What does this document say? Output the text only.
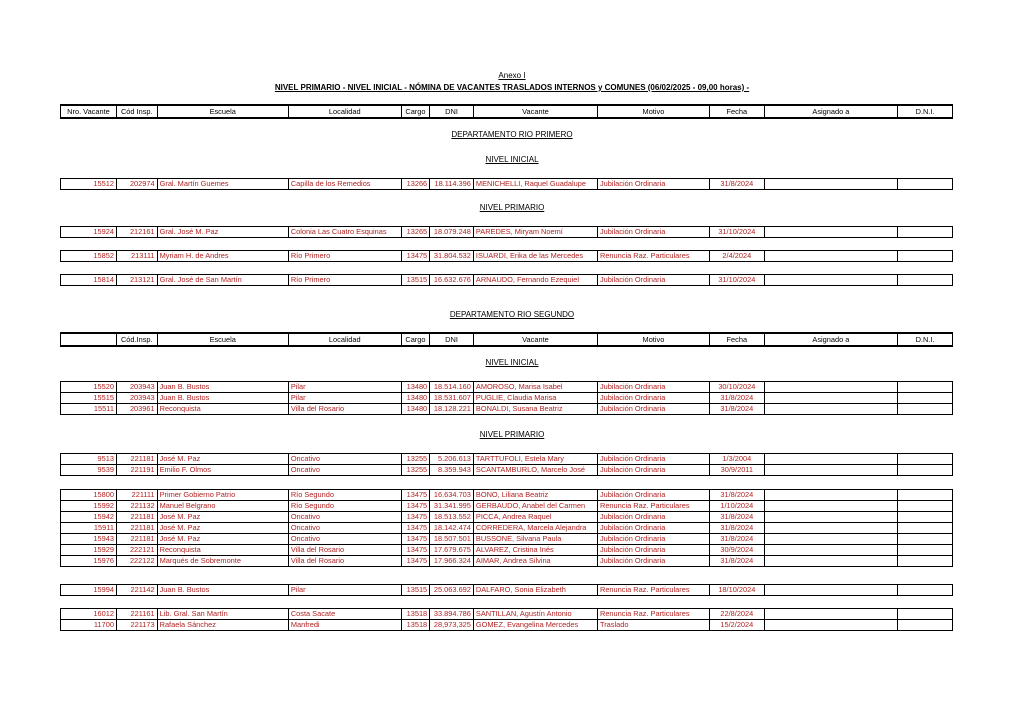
Anexo I
NIVEL PRIMARIO - NIVEL INICIAL - NÓMINA DE VACANTES TRASLADOS INTERNOS y COMUNES (06/02/2025 - 09,00 horas) -
Nro. Vacante	Cód Insp.	Escuela	Localidad	Cargo	DNI	Vacante	Motivo	Fecha	Asignado a	D.N.I.
DEPARTAMENTO RIO PRIMERO
NIVEL INICIAL
15512	202974	Gral. Martín Guemes	Capilla de los Remedios	13266	18.114.396	MENICHELLI, Raquel Guadalupe	Jubilación Ordinaria	31/8/2024		
NIVEL PRIMARIO
15924	212161	Gral. José M. Paz	Colonia Las Cuatro Esquinas	13265	18.079.248	PAREDES, Miryam Noemí	Jubilación Ordinaria	31/10/2024		
15852	213111	Myriam H. de Andres	Río Primero	13475	31.804.532	ISUARDI, Erika de las Mercedes	Renuncia Raz. Particulares	2/4/2024		
15814	213121	Gral. José de San Martín	Río Primero	13515	16.632.676	ARNAUDO, Fernando Ezequiel	Jubilación Ordinaria	31/10/2024		
DEPARTAMENTO RIO SEGUNDO
	Cód.Insp.	Escuela	Localidad	Cargo	DNI	Vacante	Motivo	Fecha	Asignado a	D.N.I.
NIVEL INICIAL
15520	203943	Juan B. Bustos	Pilar	13480	18.514.160	AMOROSO, Marisa Isabel	Jubilación Ordinaria	30/10/2024		
15515	203943	Juan B. Bustos	Pilar	13480	18.531.607	PUGLIE, Claudia Marisa	Jubilación Ordinaria	31/8/2024		
15511	203961	Reconquista	Villa del Rosario	13480	18.128.221	BONALDI, Susana Beatriz	Jubilación Ordinaria	31/8/2024		
NIVEL PRIMARIO
9513	221181	José M. Paz	Oncativo	13255	5.206.613	TARTTUFOLI, Estela Mary	Jubilación Ordinaria	1/3/2004		
9539	221191	Emilio F. Olmos	Oncativo	13255	8.359.943	SCANTAMBURLO, Marcelo José	Jubilación Ordinaria	30/9/2011		
15800	221111	Primer Gobierno Patrio	Río Segundo	13475	16.634.703	BONO, Liliana Beatriz	Jubilación Ordinaria	31/8/2024		
15992	221132	Manuel Belgrano	Río Segundo	13475	31.341.995	GERBAUDO, Anabel del Carmen	Renuncia Raz. Particulares	1/10/2024		
15942	221181	José M. Paz	Oncativo	13475	18.513.552	PICCA, Andrea Raquel	Jubilación Ordinaria	31/8/2024		
15911	221181	José M. Paz	Oncativo	13475	18.142.474	CORREDERA, Marcela Alejandra	Jubilación Ordinaria	31/8/2024		
15943	221181	José M. Paz	Oncativo	13475	18.507.501	BUSSONE, Silvana Paula	Jubilación Ordinaria	31/8/2024		
15929	222121	Reconquista	Villa del Rosario	13475	17.679.675	ALVAREZ, Cristina Inés	Jubilación Ordinaria	30/9/2024		
15976	222122	Marqués de Sobremonte	Villa del Rosario	13475	17.966.324	AIMAR, Andrea Silvina	Jubilación Ordinaria	31/8/2024		
15994	221142	Juan B. Bustos	Pilar	13515	25.063.692	DALFARO, Sonia Elizabeth	Renuncia Raz. Particulares	18/10/2024		
16012	221161	Lib. Gral. San Martín	Costa Sacate	13518	33.894.786	SANTILLAN, Agustín Antonio	Renuncia Raz. Particulares	22/8/2024		
11700	221173	Rafaela Sánchez	Manfredi	13518	28,973,325	GOMEZ, Evangelina Mercedes	Traslado	15/2/2024		
